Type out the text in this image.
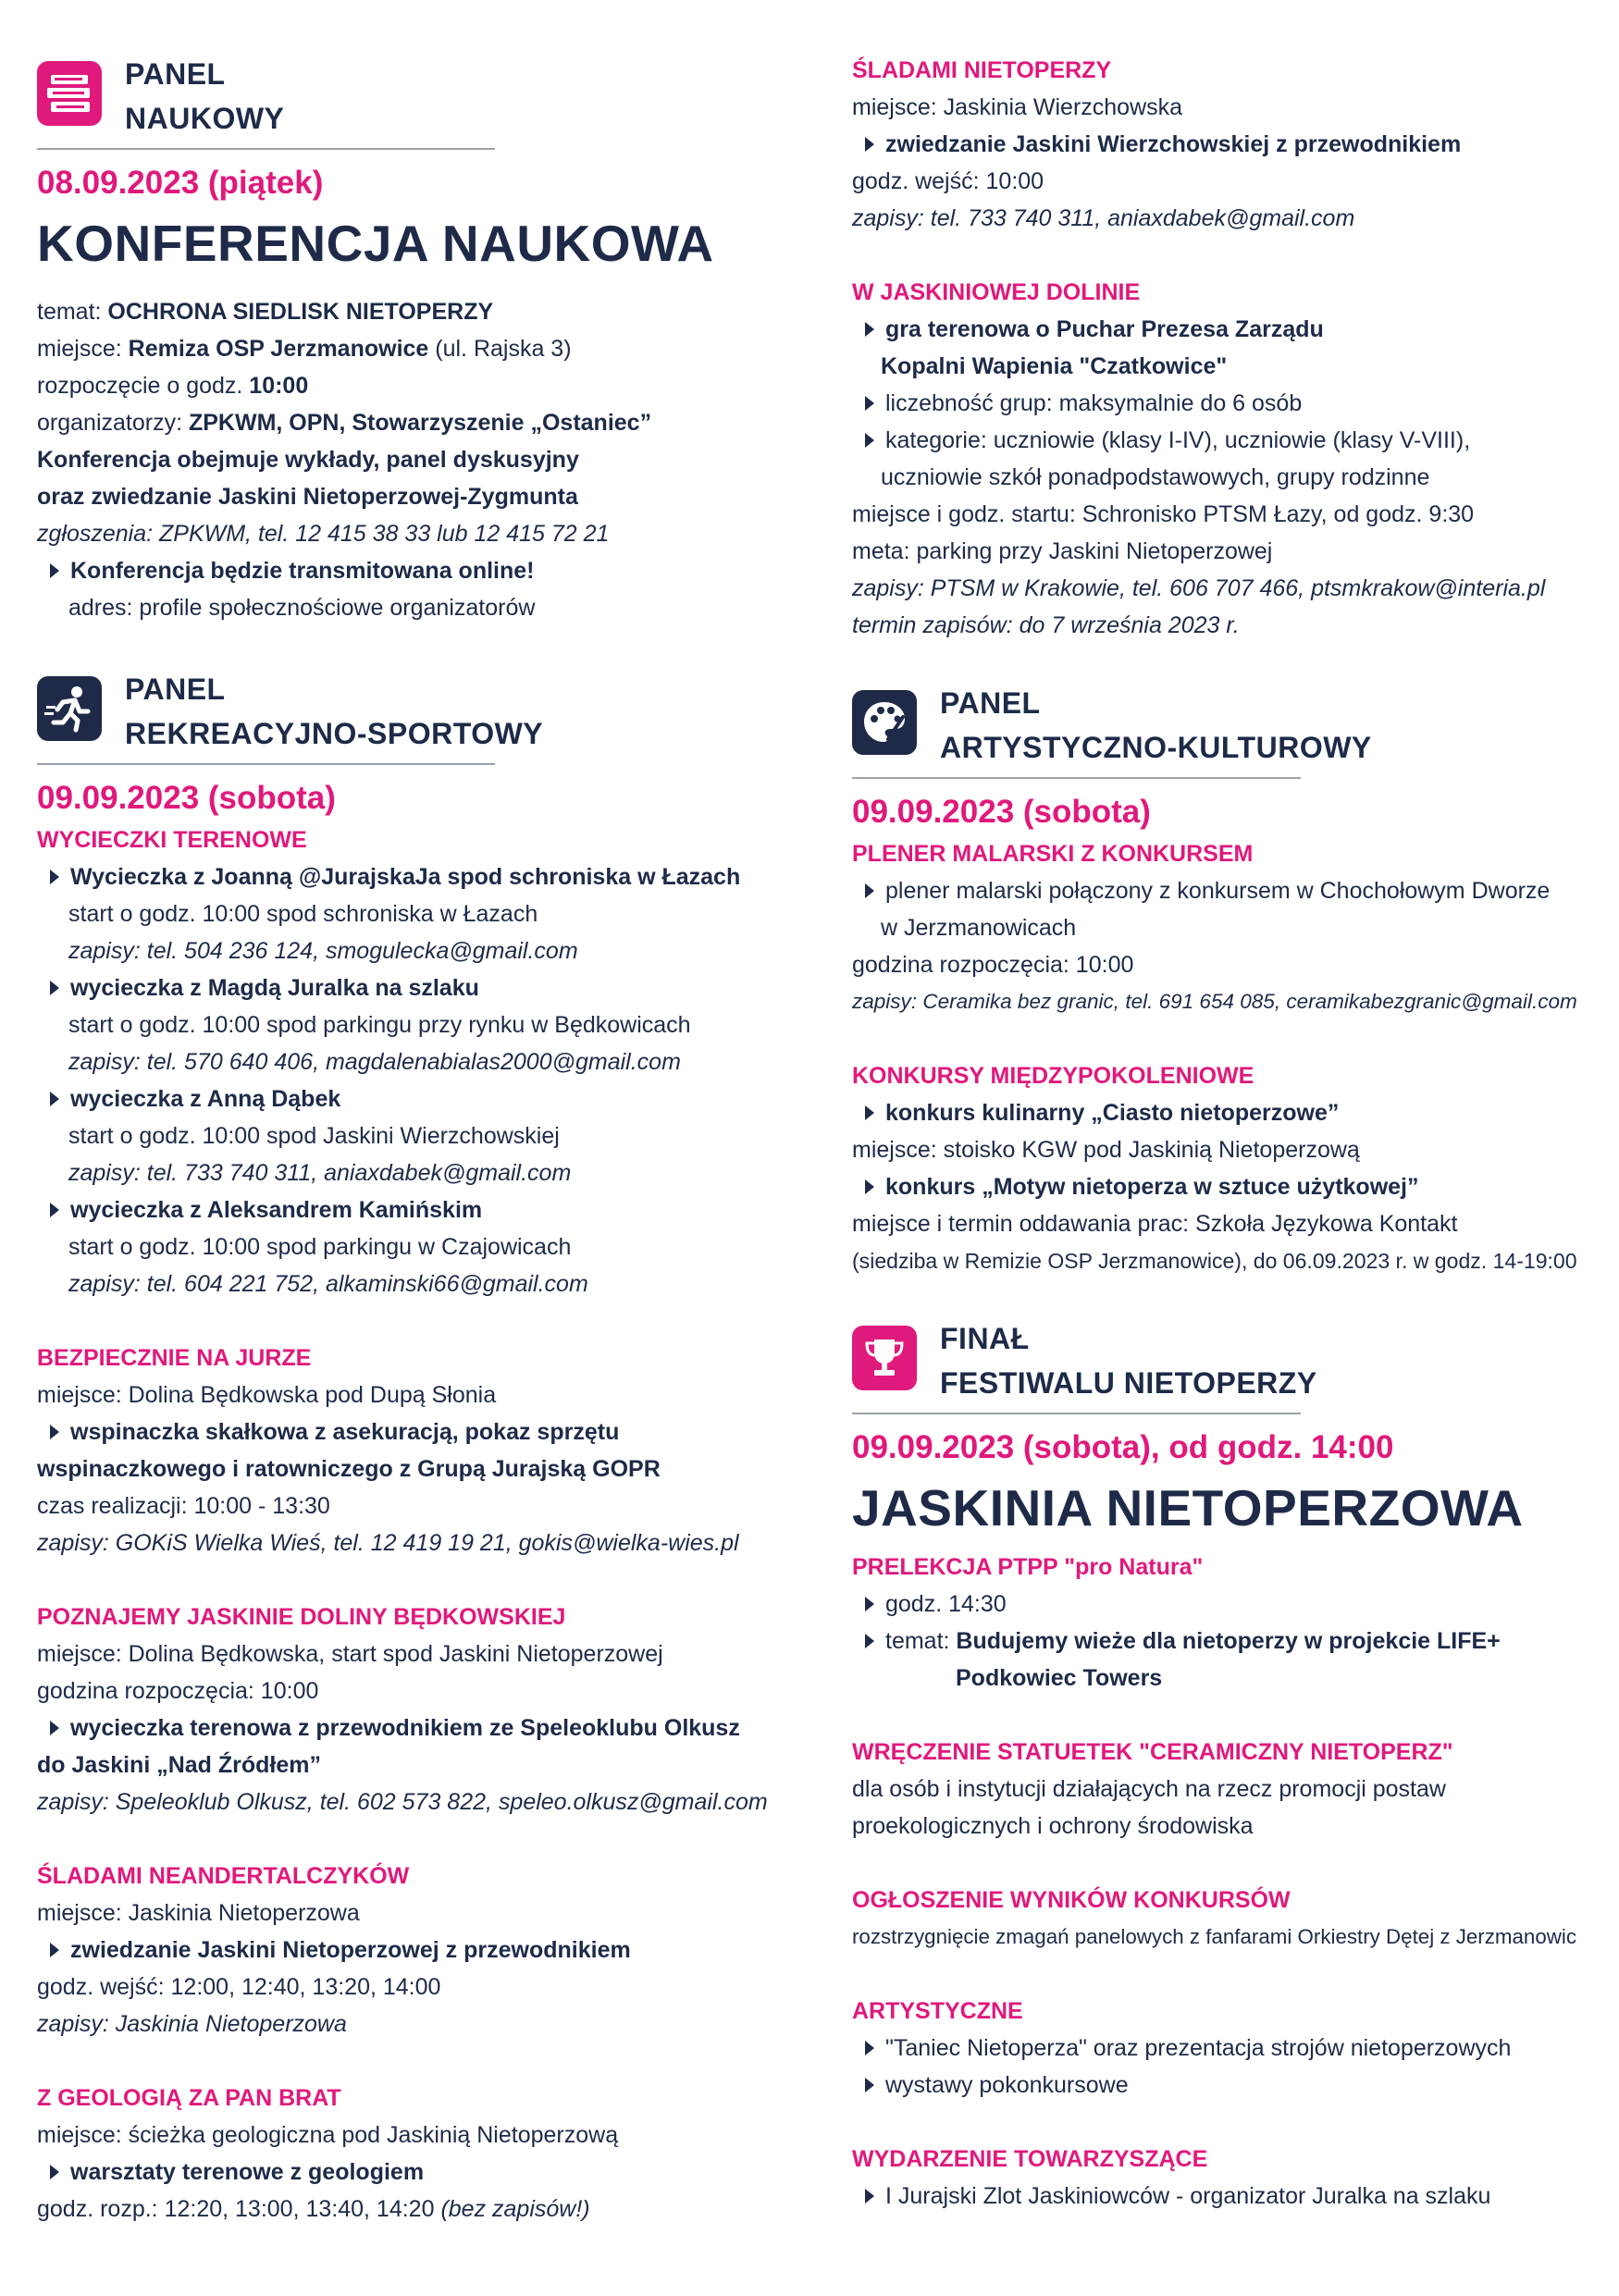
PANEL
NAUKOWY
08.09.2023 (piątek)
KONFERENCJA NAUKOWA
temat: OCHRONA SIEDLISK NIETOPERZY
miejsce: Remiza OSP Jerzmanowice (ul. Rajska 3)
rozpoczęcie o godz. 10:00
organizatorzy: ZPKWM, OPN, Stowarzyszenie „Ostaniec”
Konferencja obejmuje wykłady, panel dyskusyjny
oraz zwiedzanie Jaskini Nietoperzowej-Zygmunta
zgłoszenia: ZPKWM, tel. 12 415 38 33 lub 12 415 72 21
Konferencja będzie transmitowana online!
adres: profile społecznościowe organizatorów
PANEL
REKREACYJNO-SPORTOWY
09.09.2023 (sobota)
WYCIECZKI TERENOWE
Wycieczka z Joanną @JurajskaJa spod schroniska w Łazach
start o godz. 10:00 spod schroniska w Łazach
zapisy: tel. 504 236 124, smogulecka@gmail.com
wycieczka z Magdą Juralka na szlaku
start o godz. 10:00 spod parkingu przy rynku w Będkowicach
zapisy: tel. 570 640 406, magdalenabialas2000@gmail.com
wycieczka z Anną Dąbek
start o godz. 10:00 spod Jaskini Wierzchowskiej
zapisy: tel. 733 740 311, aniaxdabek@gmail.com
wycieczka z Aleksandrem Kamińskim
start o godz. 10:00 spod parkingu w Czajowicach
zapisy: tel. 604 221 752, alkaminski66@gmail.com
BEZPIECZNIE NA JURZE
miejsce: Dolina Będkowska pod Dupą Słonia
wspinaczka skałkowa z asekuracją, pokaz sprzętu
wspinaczkowego i ratowniczego z Grupą Jurajską GOPR
czas realizacji: 10:00 - 13:30
zapisy: GOKiS Wielka Wieś, tel. 12 419 19 21, gokis@wielka-wies.pl
POZNAJEMY JASKINIE DOLINY BĘDKOWSKIEJ
miejsce: Dolina Będkowska, start spod Jaskini Nietoperzowej
godzina rozpoczęcia: 10:00
wycieczka terenowa z przewodnikiem ze Speleoklubu Olkusz
do Jaskini „Nad Źródłem”
zapisy: Speleoklub Olkusz, tel. 602 573 822, speleo.olkusz@gmail.com
ŚLADAMI NEANDERTALCZYKÓW
miejsce: Jaskinia Nietoperzowa
zwiedzanie Jaskini Nietoperzowej z przewodnikiem
godz. wejść: 12:00, 12:40, 13:20, 14:00
zapisy: Jaskinia Nietoperzowa
Z GEOLOGIĄ ZA PAN BRAT
miejsce: ścieżka geologiczna pod Jaskinią Nietoperzową
warsztaty terenowe z geologiem
godz. rozp.: 12:20, 13:00, 13:40, 14:20 (bez zapisów!)
ŚLADAMI NIETOPERZY
miejsce: Jaskinia Wierzchowska
zwiedzanie Jaskini Wierzchowskiej z przewodnikiem
godz. wejść: 10:00
zapisy: tel. 733 740 311, aniaxdabek@gmail.com
W JASKINIOWEJ DOLINIE
gra terenowa o Puchar Prezesa Zarządu
Kopalni Wapienia "Czatkowice"
liczebność grup: maksymalnie do 6 osób
kategorie: uczniowie (klasy I-IV), uczniowie (klasy V-VIII),
uczniowie szkół ponadpodstawowych, grupy rodzinne
miejsce i godz. startu: Schronisko PTSM Łazy, od godz. 9:30
meta: parking przy Jaskini Nietoperzowej
zapisy: PTSM w Krakowie, tel. 606 707 466, ptsmkrakow@interia.pl
termin zapisów: do 7 września 2023 r.
PANEL
ARTYSTYCZNO-KULTUROWY
09.09.2023 (sobota)
PLENER MALARSKI Z KONKURSEM
plener malarski połączony z konkursem w Chochołowym Dworze
w Jerzmanowicach
godzina rozpoczęcia: 10:00
zapisy: Ceramika bez granic, tel. 691 654 085, ceramikabezgranic@gmail.com
KONKURSY MIĘDZYPOKOLENIOWE
konkurs kulinarny „Ciasto nietoperzowe”
miejsce: stoisko KGW pod Jaskinią Nietoperzową
konkurs „Motyw nietoperza w sztuce użytkowej”
miejsce i termin oddawania prac: Szkoła Językowa Kontakt
(siedziba w Remizie OSP Jerzmanowice), do 06.09.2023 r. w godz. 14-19:00
FINAŁ
FESTIWALU NIETOPERZY
09.09.2023 (sobota), od godz. 14:00
JASKINIA NIETOPERZOWA
PRELEKCJA PTPP "pro Natura"
godz. 14:30
temat: Budujemy wieże dla nietoperzy w projekcie LIFE+
Podkowiec Towers
WRĘCZENIE STATUETEK "CERAMICZNY NIETOPERZ"
dla osób i instytucji działających na rzecz promocji postaw
proekologicznych i ochrony środowiska
OGŁOSZENIE WYNIKÓW KONKURSÓW
rozstrzygnięcie zmagań panelowych z fanfarami Orkiestry Dętej z Jerzmanowic
ARTYSTYCZNE
"Taniec Nietoperza" oraz prezentacja strojów nietoperzowych
wystawy pokonkursowe
WYDARZENIE TOWARZYSZĄCE
I Jurajski Zlot Jaskiniowców - organizator Juralka na szlaku
